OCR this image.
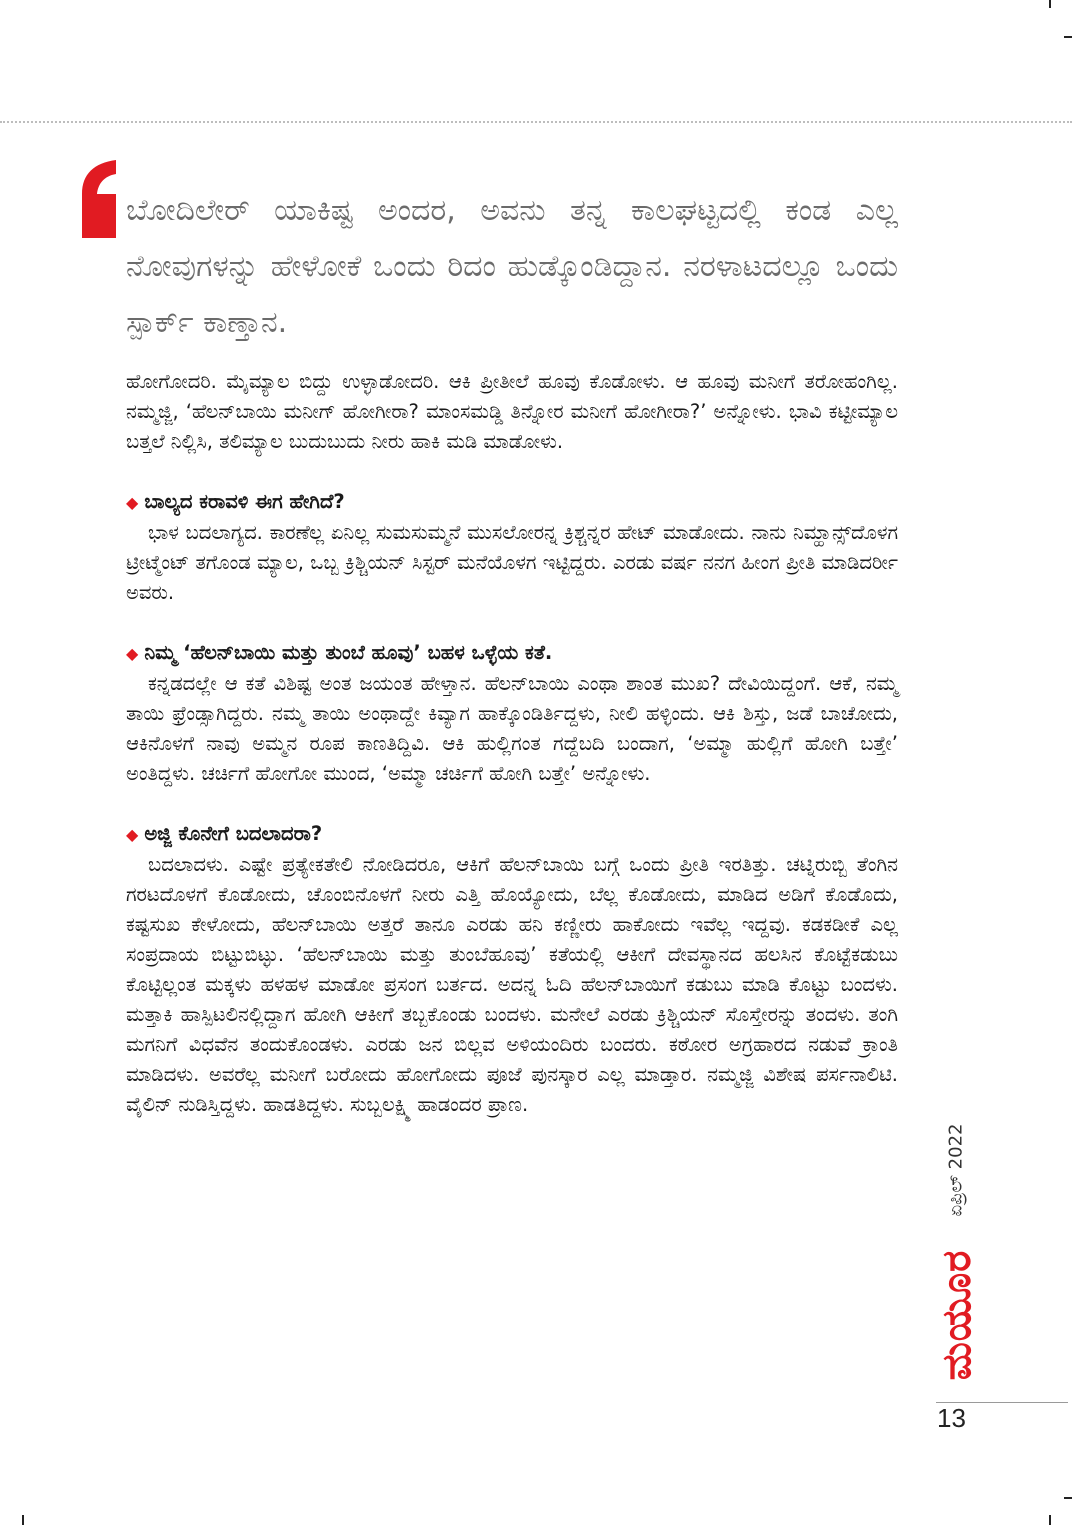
ಬೋದಿಲೇರ್ ಯಾಕಿಷ್ಟ ಅಂದರ, ಅವನು ತನ್ನ ಕಾಲಘಟ್ಟದಲ್ಲಿ ಕಂಡ ಎಲ್ಲ ನೋವುಗಳನ್ನು ಹೇಳೋಕೆ ಒಂದು ರಿದಂ ಹುಡ್ಕೊಂಡಿದ್ದಾನ. ನರಳಾಟದಲ್ಲೂ ಒಂದು ಸ್ಪಾರ್ಕ್ ಕಾಣ್ತಾನ.

ಹೋಗೋದರಿ. ಮೈಮ್ಯಾಲ ಬಿದ್ದು ಉಳ್ಳಾಡೋದರಿ. ಆಕಿ ಪ್ರೀತೀಲೆ ಹೂವು ಕೊಡೋಳು. ಆ ಹೂವು ಮನೀಗೆ ತರೋಹಂಗಿಲ್ಲ. ನಮ್ಮಜ್ಜಿ, ‘ಹೆಲನ್‌ಬಾಯಿ ಮನೀಗ್ ಹೋಗೀರಾ? ಮಾಂಸಮಡ್ಡಿ ತಿನ್ನೋರ ಮನೀಗೆ ಹೋಗೀರಾ?’ ಅನ್ನೋಳು. ಭಾವಿ ಕಟ್ಟೀಮ್ಯಾಲ ಬತ್ತಲೆ ನಿಲ್ಲಿಸಿ, ತಲಿಮ್ಯಾಲ ಬುದುಬುದು ನೀರು ಹಾಕಿ ಮಡಿ ಮಾಡೋಳು.

◆ ಬಾಲ್ಯದ ಕರಾವಳಿ ಈಗ ಹೇಗಿದೆ?

ಭಾಳ ಬದಲಾಗ್ಯದ. ಕಾರಣೆಲ್ಲ ಏನಿಲ್ಲ ಸುಮಸುಮ್ಮನೆ ಮುಸಲೋರನ್ನ ಕ್ರಿಶ್ಚನ್ನರ ಹೇಟ್ ಮಾಡೋದು. ನಾನು ನಿಮ್ಹಾನ್ಸ್‌ದೊಳಗ ಟ್ರೀಟ್ಮೆಂಟ್ ತಗೊಂಡ ಮ್ಯಾಲ, ಒಬ್ಬ ಕ್ರಿಶ್ಚಿಯನ್ ಸಿಸ್ಟರ್ ಮನೆಯೊಳಗ ಇಟ್ಟಿದ್ದರು. ಎರಡು ವರ್ಷ ನನಗ ಹೀಂಗ ಪ್ರೀತಿ ಮಾಡಿದರ್ರೀ ಅವರು.

◆ ನಿಮ್ಮ ‘ಹೆಲನ್‌ಬಾಯಿ ಮತ್ತು ತುಂಬೆ ಹೂವು’ ಬಹಳ ಒಳ್ಳೆಯ ಕತೆ.

ಕನ್ನಡದಲ್ಲೇ ಆ ಕತೆ ವಿಶಿಷ್ಟ ಅಂತ ಜಯಂತ ಹೇಳ್ತಾನ. ಹೆಲನ್‌ಬಾಯಿ ಎಂಥಾ ಶಾಂತ ಮುಖ? ದೇವಿಯಿದ್ದಂಗೆ. ಆಕೆ, ನಮ್ಮ ತಾಯಿ ಫ್ರೆಂಡ್ಸಾಗಿದ್ದರು. ನಮ್ಮ ತಾಯಿ ಅಂಥಾದ್ದೇ ಕಿವ್ಯಾಗ ಹಾಕ್ಕೊಂಡಿರ್ತಿದ್ದಳು, ನೀಲಿ ಹಳ್ಳಿಂದು. ಆಕಿ ಶಿಸ್ತು, ಜಡೆ ಬಾಚೋದು, ಆಕಿನೊಳಗೆ ನಾವು ಅಮ್ಮನ ರೂಪ ಕಾಣತಿದ್ದಿವಿ. ಆಕಿ ಹುಲ್ಲಿಗಂತ ಗದ್ದೆಬದಿ ಬಂದಾಗ, ‘ಅಮ್ಮಾ ಹುಲ್ಲಿಗೆ ಹೋಗಿ ಬತ್ತೇ’ ಅಂತಿದ್ದಳು. ಚರ್ಚಿಗೆ ಹೋಗೋ ಮುಂದ, ‘ಅಮ್ಮಾ ಚರ್ಚಿಗೆ ಹೋಗಿ ಬತ್ತೇ’ ಅನ್ನೋಳು.

◆ ಅಜ್ಜಿ ಕೊನೇಗೆ ಬದಲಾದರಾ?

ಬದಲಾದಳು. ಎಷ್ಟೇ ಪ್ರತ್ಯೇಕತೇಲಿ ನೋಡಿದರೂ, ಆಕಿಗೆ ಹೆಲನ್‌ಬಾಯಿ ಬಗ್ಗೆ ಒಂದು ಪ್ರೀತಿ ಇರತಿತ್ತು. ಚಟ್ನಿರುಬ್ಬಿ ತೆಂಗಿನ ಗರಟದೊಳಗೆ ಕೊಡೋದು, ಚೊಂಬಿನೊಳಗೆ ನೀರು ಎತ್ತಿ ಹೊಯ್ಯೋದು, ಬೆಲ್ಲ ಕೊಡೋದು, ಮಾಡಿದ ಅಡಿಗೆ ಕೊಡೊದು, ಕಷ್ಟಸುಖ ಕೇಳೋದು, ಹೆಲನ್‌ಬಾಯಿ ಅತ್ತರೆ ತಾನೂ ಎರಡು ಹನಿ ಕಣ್ಣೀರು ಹಾಕೋದು ಇವೆಲ್ಲ ಇದ್ದವು. ಕಡಕಡೀಕೆ ಎಲ್ಲ ಸಂಪ್ರದಾಯ ಬಿಟ್ಟುಬಿಟ್ಳು. ‘ಹೆಲನ್‌ಬಾಯಿ ಮತ್ತು ತುಂಬೆಹೂವು’ ಕತೆಯಲ್ಲಿ ಆಕೀಗೆ ದೇವಸ್ಥಾನದ ಹಲಸಿನ ಕೊಟ್ಟೆಕಡುಬು ಕೊಟ್ಟಿಲ್ಲಂತ ಮಕ್ಕಳು ಹಳಹಳ ಮಾಡೋ ಪ್ರಸಂಗ ಬರ್ತದ. ಅದನ್ನ ಓದಿ ಹೆಲನ್‌ಬಾಯಿಗೆ ಕಡುಬು ಮಾಡಿ ಕೊಟ್ಟು ಬಂದಳು. ಮತ್ತಾಕಿ ಹಾಸ್ಪಿಟಲಿನಲ್ಲಿದ್ದಾಗ ಹೋಗಿ ಆಕೀಗೆ ತಬ್ಬಕೊಂಡು ಬಂದಳು. ಮನೇಲೆ ಎರಡು ಕ್ರಿಶ್ಚಿಯನ್ ಸೊಸ್ತೇರನ್ನು ತಂದಳು. ತಂಗಿ ಮಗನಿಗೆ ವಿಧವೆನ ತಂದುಕೊಂಡಳು. ಎರಡು ಜನ ಬಿಲ್ಲವ ಅಳಿಯಂದಿರು ಬಂದರು. ಕಠೋರ ಅಗ್ರಹಾರದ ನಡುವೆ ಕ್ರಾಂತಿ ಮಾಡಿದಳು. ಅವರೆಲ್ಲ ಮನೀಗೆ ಬರೋದು ಹೋಗೋದು ಪೂಜೆ ಪುನಸ್ಕಾರ ಎಲ್ಲ ಮಾಡ್ತಾರ. ನಮ್ಮಜ್ಜಿ ವಿಶೇಷ ಪರ್ಸನಾಲಿಟಿ. ವೈಲಿನ್ ನುಡಿಸ್ತಿದ್ದಳು. ಹಾಡತಿದ್ದಳು. ಸುಬ್ಬಲಕ್ಷ್ಮಿ ಹಾಡಂದರ ಪ್ರಾಣ.

ಏಪ್ರಿಲ್ 2022
ಮಯೂರ
13
